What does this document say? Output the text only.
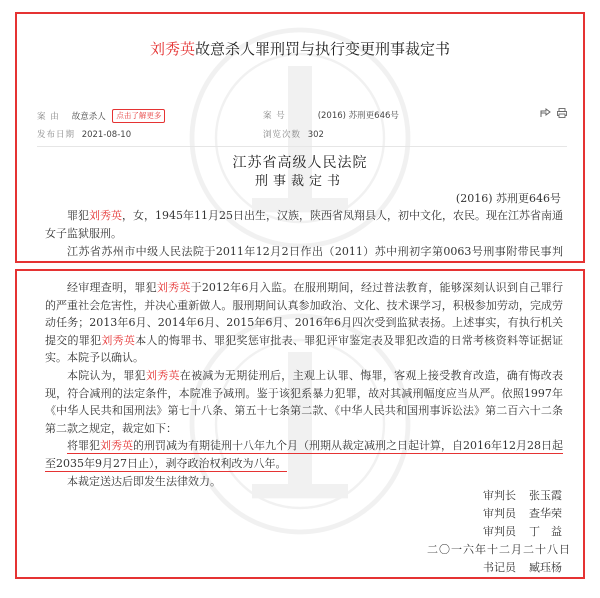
刘秀英故意杀人罪刑罚与执行变更刑事裁定书
案 由 故意杀人 点击了解更多	案 号	(2016) 苏刑更646号

发布日期 2021-08-10	浏览次数 302
江苏省高级人民法院
刑事裁定书
(2016) 苏刑更646号
罪犯刘秀英，女，1945年11月25日出生，汉族，陕西省凤翔县人，初中文化，农民。现在江苏省南通女子监狱服刑。
江苏省苏州市中级人民法院于2011年12月2日作出（2011）苏中刑初字第0063号刑事附带民事判
经审理查明，罪犯刘秀英于2012年6月入监。在服刑期间，经过普法教育，能够深刻认识到自己罪行的严重社会危害性，并决心重新做人。服刑期间认真参加政治、文化、技术课学习，积极参加劳动，完成劳动任务；2013年6月、2014年6月、2015年6月、2016年6月四次受到监狱表扬。上述事实，有执行机关提交的罪犯刘秀英本人的悔罪书、罪犯奖惩审批表、罪犯评审鉴定表及罪犯改造的日常考核资料等证据证实。本院予以确认。
本院认为，罪犯刘秀英在被减为无期徒刑后，主观上认罪、悔罪，客观上接受教育改造，确有悔改表现，符合减刑的法定条件，本院准予减刑。鉴于该犯系暴力犯罪，故对其减刑幅度应当从严。依照1997年《中华人民共和国刑法》第七十八条、第五十七条第二款、《中华人民共和国刑事诉讼法》第二百六十二条第二款之规定，裁定如下：
将罪犯刘秀英的刑罚减为有期徒刑十八年九个月（刑期从裁定减刑之日起计算，自2016年12月28日起至2035年9月27日止），剥夺政治权利改为八年。
本裁定送达后即发生法律效力。
审判长 张玉霞
审判员 查华荣
审判员 丁　益
二〇一六年十二月二十八日
书记员 臧珏杨
